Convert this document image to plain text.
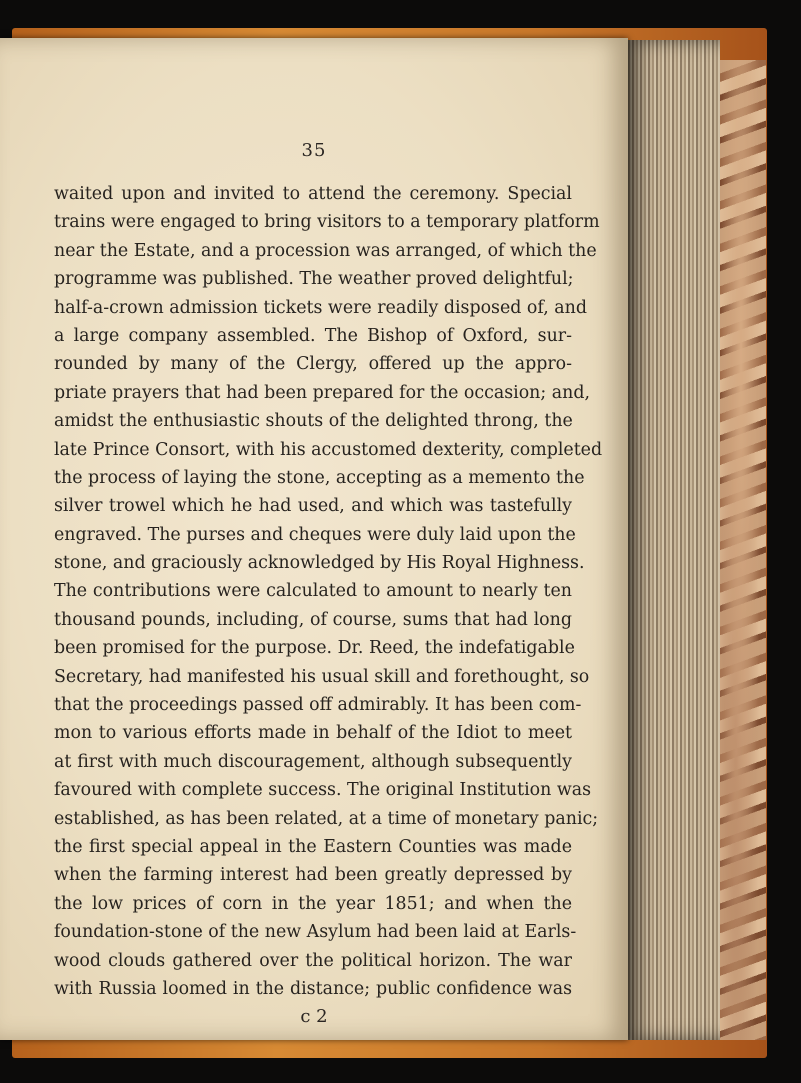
35
waited upon and invited to attend the ceremony. Special
trains were engaged to bring visitors to a temporary platform
near the Estate, and a procession was arranged, of which the
programme was published. The weather proved delightful;
half-a-crown admission tickets were readily disposed of, and
a large company assembled. The Bishop of Oxford, sur-
rounded by many of the Clergy, offered up the appro-
priate prayers that had been prepared for the occasion; and,
amidst the enthusiastic shouts of the delighted throng, the
late Prince Consort, with his accustomed dexterity, completed
the process of laying the stone, accepting as a memento the
silver trowel which he had used, and which was tastefully
engraved. The purses and cheques were duly laid upon the
stone, and graciously acknowledged by His Royal Highness.
The contributions were calculated to amount to nearly ten
thousand pounds, including, of course, sums that had long
been promised for the purpose. Dr. Reed, the indefatigable
Secretary, had manifested his usual skill and forethought, so
that the proceedings passed off admirably. It has been com-
mon to various efforts made in behalf of the Idiot to meet
at first with much discouragement, although subsequently
favoured with complete success. The original Institution was
established, as has been related, at a time of monetary panic;
the first special appeal in the Eastern Counties was made
when the farming interest had been greatly depressed by
the low prices of corn in the year 1851; and when the
foundation-stone of the new Asylum had been laid at Earls-
wood clouds gathered over the political horizon. The war
with Russia loomed in the distance; public confidence was
c 2
